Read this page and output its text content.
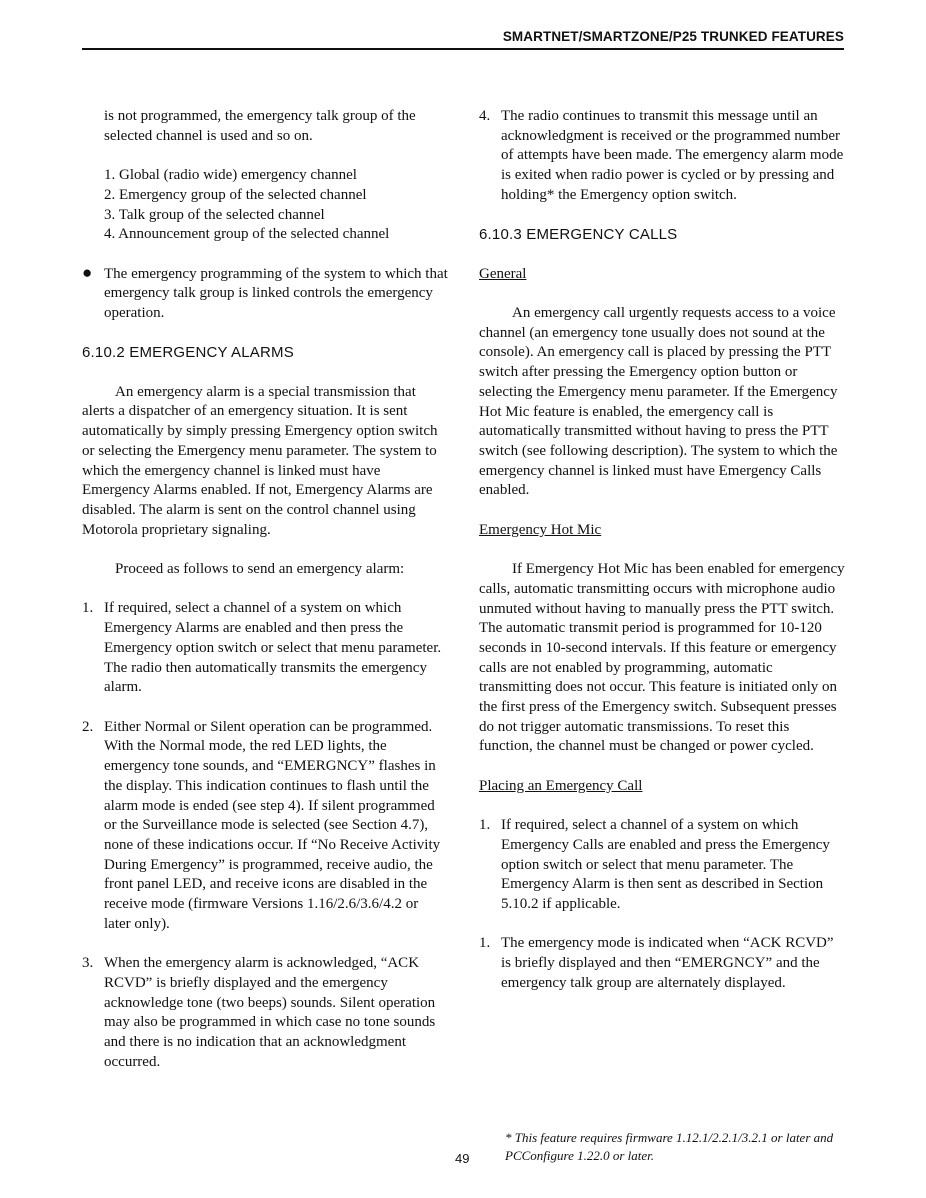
SMARTNET/SMARTZONE/P25 TRUNKED FEATURES

is not programmed, the emergency talk group of the selected channel is used and so on.

1. Global (radio wide) emergency channel
2. Emergency group of the selected channel
3. Talk group of the selected channel
4. Announcement group of the selected channel
● The emergency programming of the system to which that emergency talk group is linked controls the emergency operation.
6.10.2 EMERGENCY ALARMS

An emergency alarm is a special transmission that alerts a dispatcher of an emergency situation. It is sent automatically by simply pressing Emergency option switch or selecting the Emergency menu parameter. The system to which the emergency channel is linked must have Emergency Alarms enabled. If not, Emergency Alarms are disabled. The alarm is sent on the control channel using Motorola proprietary signaling.

Proceed as follows to send an emergency alarm:

1. If required, select a channel of a system on which Emergency Alarms are enabled and then press the Emergency option switch or select that menu parameter. The radio then automatically transmits the emergency alarm.
2. Either Normal or Silent operation can be programmed. With the Normal mode, the red LED lights, the emergency tone sounds, and “EMERGNCY” flashes in the display. This indication continues to flash until the alarm mode is ended (see step 4). If silent programmed or the Surveillance mode is selected (see Section 4.7), none of these indications occur. If “No Receive Activity During Emergency” is programmed, receive audio, the front panel LED, and receive icons are disabled in the receive mode (firmware Versions 1.16/2.6/3.6/4.2 or later only).
3. When the emergency alarm is acknowledged, “ACK RCVD” is briefly displayed and the emergency acknowledge tone (two beeps) sounds. Silent operation may also be programmed in which case no tone sounds and there is no indication that an acknowledgment occurred.
4. The radio continues to transmit this message until an acknowledgment is received or the programmed number of attempts have been made. The emergency alarm mode is exited when radio power is cycled or by pressing and holding* the Emergency option switch.
6.10.3 EMERGENCY CALLS
General

An emergency call urgently requests access to a voice channel (an emergency tone usually does not sound at the console). An emergency call is placed by pressing the PTT switch after pressing the Emergency option button or selecting the Emergency menu parameter. If the Emergency Hot Mic feature is enabled, the emergency call is automatically transmitted without having to press the PTT switch (see following description). The system to which the emergency channel is linked must have Emergency Calls enabled.

Emergency Hot Mic

If Emergency Hot Mic has been enabled for emergency calls, automatic transmitting occurs with microphone audio unmuted without having to manually press the PTT switch. The automatic transmit period is programmed for 10-120 seconds in 10-second intervals. If this feature or emergency calls are not enabled by programming, automatic transmitting does not occur. This feature is initiated only on the first press of the Emergency switch. Subsequent presses do not trigger automatic transmissions. To reset this function, the channel must be changed or power cycled.

Placing an Emergency Call
1. If required, select a channel of a system on which Emergency Calls are enabled and press the Emergency option switch or select that menu parameter. The Emergency Alarm is then sent as described in Section 5.10.2 if applicable.
1. The emergency mode is indicated when “ACK RCVD” is briefly displayed and then “EMERGNCY” and the emergency talk group are alternately displayed.
* This feature requires firmware 1.12.1/2.2.1/3.2.1 or later and PCConfigure 1.22.0 or later.
49
